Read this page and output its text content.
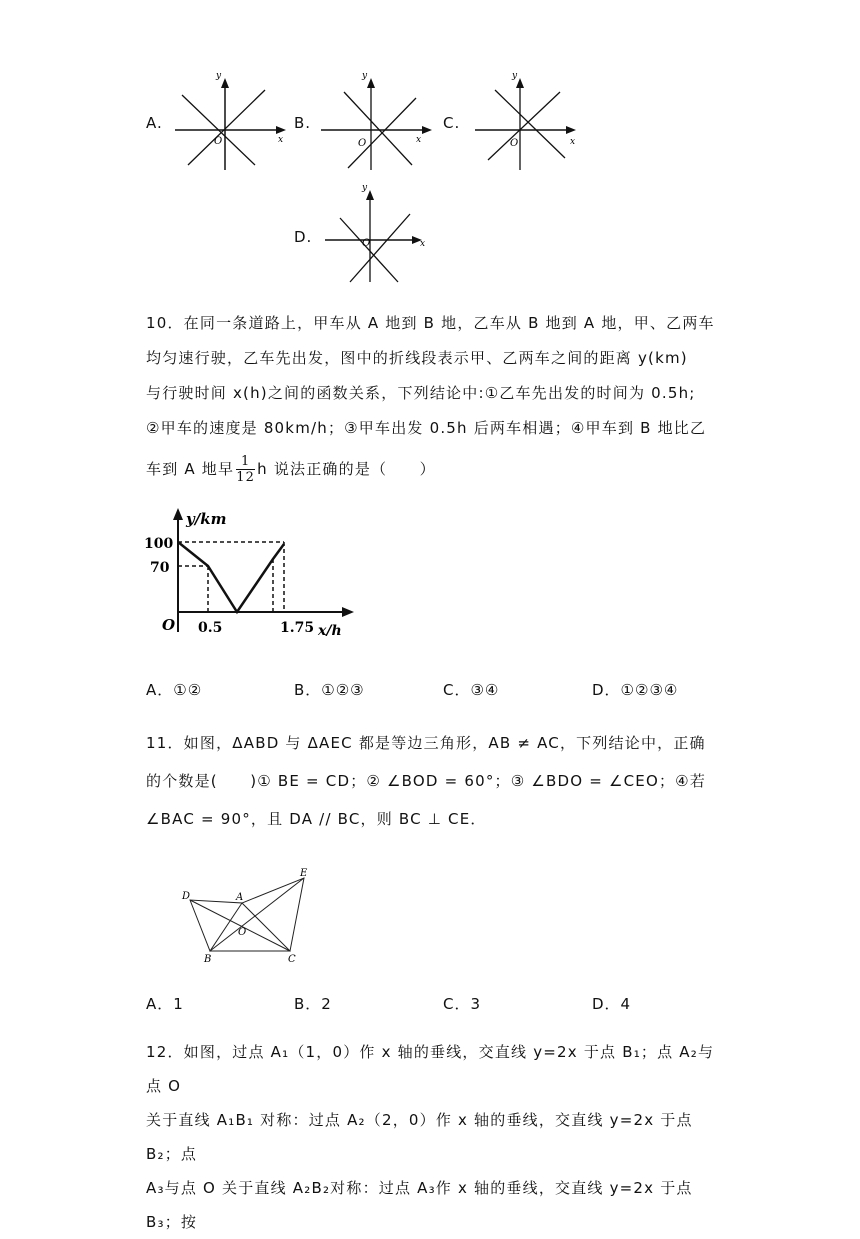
A.
y
x
O
B.
y
x
O
C.
y
x
O
D.
y
x
O
10．在同一条道路上，甲车从 A 地到 B 地，乙车从 B 地到 A 地，甲、乙两车
均匀速行驶，乙车先出发，图中的折线段表示甲、乙两车之间的距离 y(km)
与行驶时间 x(h)之间的函数关系，下列结论中:①乙车先出发的时间为 0.5h;
②甲车的速度是 80km/h；③甲车出发 0.5h 后两车相遇；④甲车到 B 地比乙
车到 A 地早 $\frac{1}{12}$ h 说法正确的是（　　）
y/km
100
70
O 0.5	1.75 x/h
A．①②	B．①②③	C．③④	D．①②③④
11．如图，ΔABD 与 ΔAEC 都是等边三角形，AB ≠ AC，下列结论中，正确
的个数是(　　)① BE = CD；② ∠BOD = 60°；③ ∠BDO = ∠CEO；④若
∠BAC = 90°，且 DA // BC，则 BC ⊥ CE．
D	A
E
O
B	C
A．1	B．2	C．3	D．4
12．如图，过点 A₁（1，0）作 x 轴的垂线，交直线 y=2x 于点 B₁；点 A₂与点 O
关于直线 A₁B₁ 对称：过点 A₂（2，0）作 x 轴的垂线，交直线 y=2x 于点 B₂；点
A₃与点 O 关于直线 A₂B₂对称：过点 A₃作 x 轴的垂线，交直线 y=2x 于点 B₃；按
